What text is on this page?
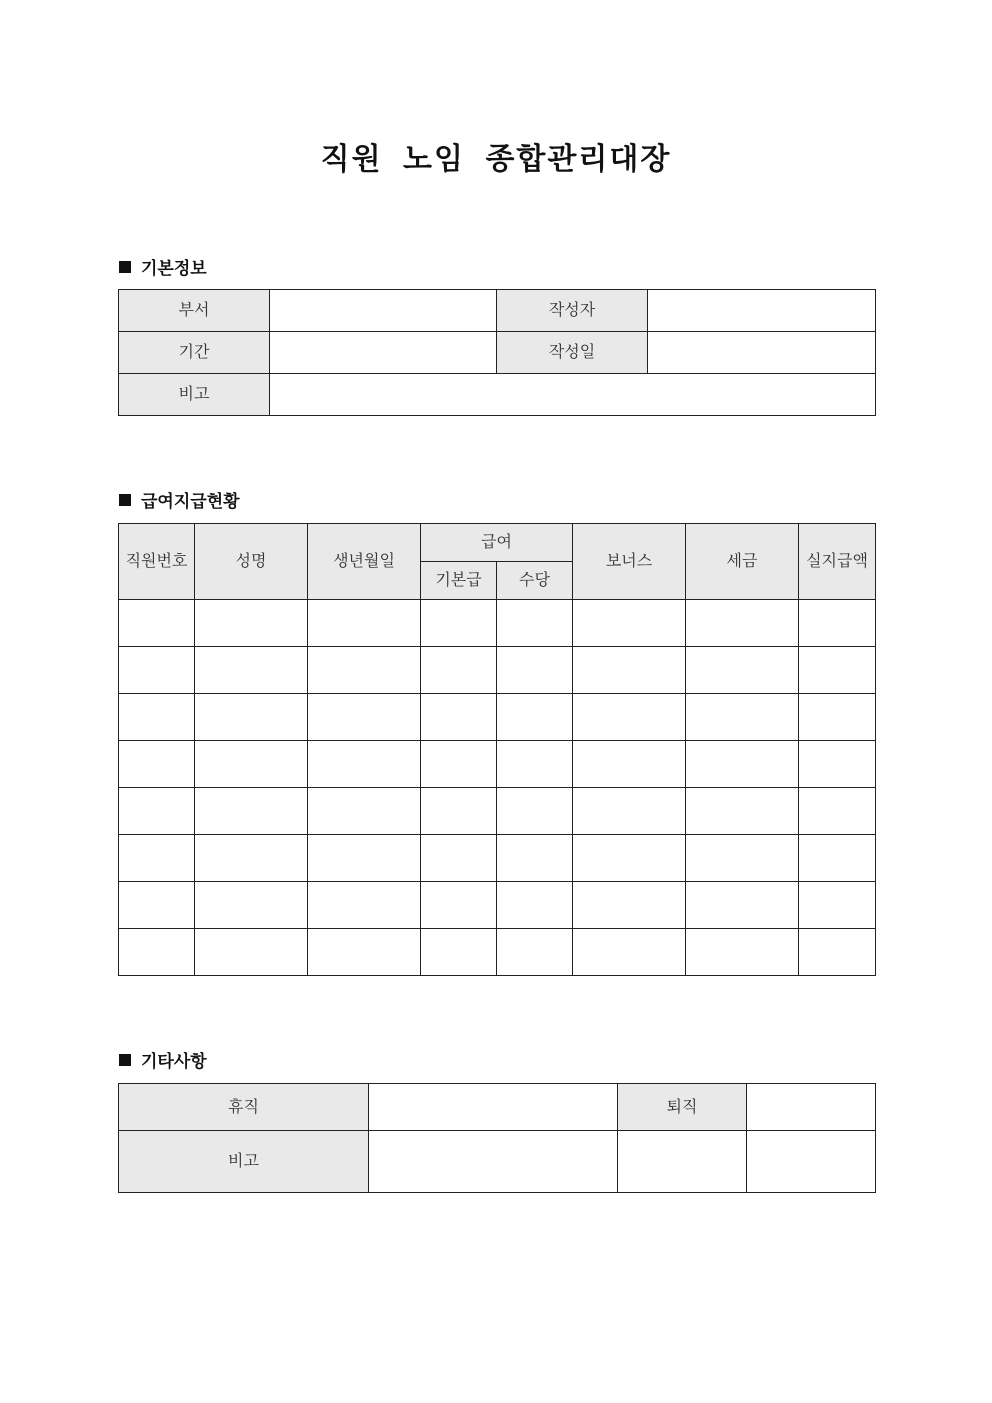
직원 노임 종합관리대장
기본정보
부서		작성자	
기간		작성일	
비고			
급여지급현황
직원번호	성명	생년월일	급여		보너스	세금	실지급액
			기본급	수당			

기타사항
휴직		퇴직	
비고			
